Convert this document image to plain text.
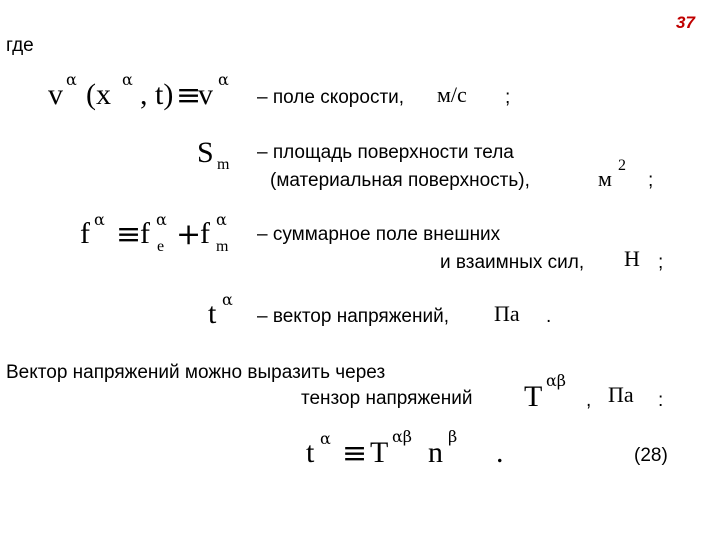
37
где
v α (x α , t) ≡
v α
– поле скорости, м/с ;
S m
– площадь поверхности тела
(материальная поверхность),	м
2
;
f α ≡
f α
e +
f α
m
– суммарное поле внешних
и взаимных сил, Н ;
t α
– вектор напряжений, Па .
Вектор напряжений можно выразить через
тензор напряжений T αβ
, Па :
t α ≡ T αβ n β .	(28)
